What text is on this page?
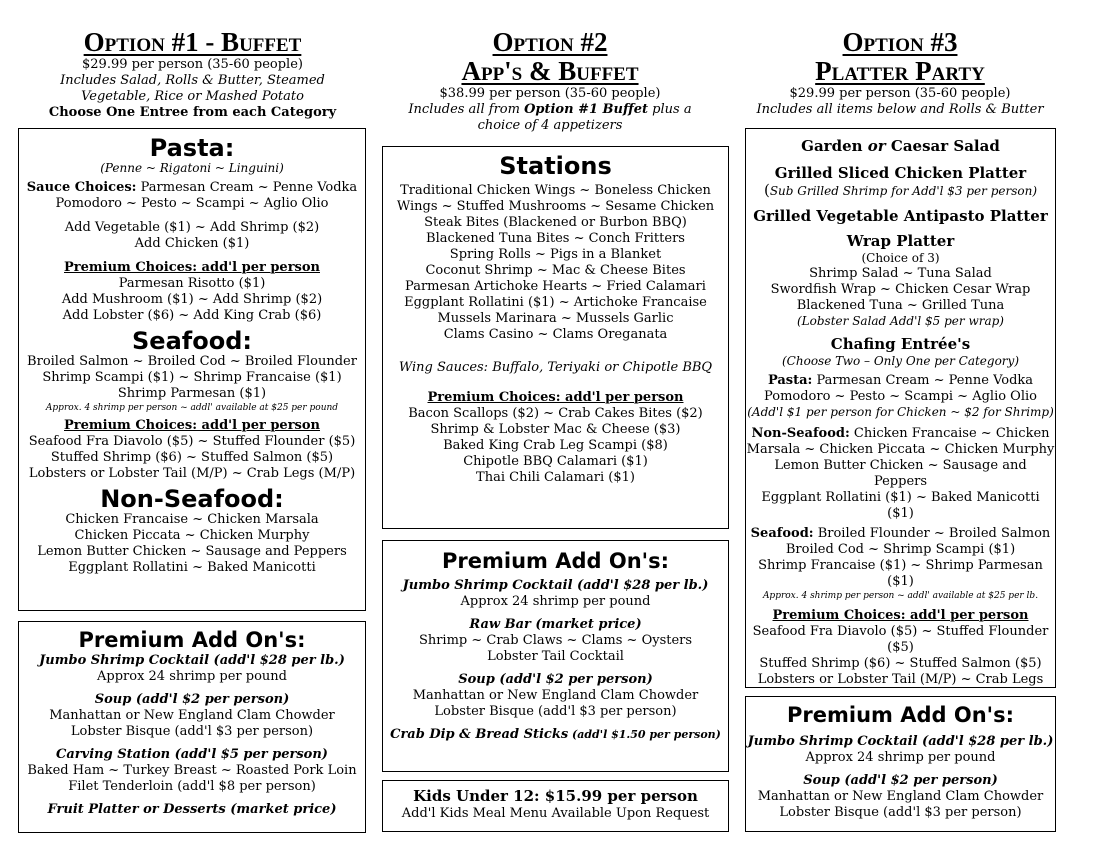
Option #1 - Buffet

$29.99 per person (35-60 people)

Includes Salad, Rolls & Butter, Steamed

Vegetable, Rice or Mashed Potato

Choose One Entree from each Category

Pasta:

(Penne ~ Rigatoni ~ Linguini)

Sauce Choices: Parmesan Cream ~ Penne Vodka

Pomodoro ~ Pesto ~ Scampi ~ Aglio Olio

Add Vegetable ($1) ~ Add Shrimp ($2)

Add Chicken ($1)

Premium Choices: add'l per person

Parmesan Risotto ($1)

Add Mushroom ($1) ~ Add Shrimp ($2)

Add Lobster ($6) ~ Add King Crab ($6)

Seafood:

Broiled Salmon ~ Broiled Cod ~ Broiled Flounder

Shrimp Scampi ($1) ~ Shrimp Francaise ($1)

Shrimp Parmesan ($1)

Approx. 4 shrimp per person ~ addl' available at $25 per pound

Premium Choices: add'l per person

Seafood Fra Diavolo ($5) ~ Stuffed Flounder ($5)

Stuffed Shrimp ($6) ~ Stuffed Salmon ($5)

Lobsters or Lobster Tail (M/P) ~ Crab Legs (M/P)

Non-Seafood:

Chicken Francaise ~ Chicken Marsala

Chicken Piccata ~ Chicken Murphy

Lemon Butter Chicken ~ Sausage and Peppers

Eggplant Rollatini ~ Baked Manicotti

Premium Add On's:

Jumbo Shrimp Cocktail (add'l $28 per lb.)

Approx 24 shrimp per pound

Soup (add'l $2 per person)

Manhattan or New England Clam Chowder

Lobster Bisque (add'l $3 per person)

Carving Station (add'l $5 per person)

Baked Ham ~ Turkey Breast ~ Roasted Pork Loin

Filet Tenderloin (add'l $8 per person)

Fruit Platter or Desserts (market price)

Option #2

App's & Buffet

$38.99 per person (35-60 people)

Includes all from Option #1 Buffet plus a

choice of 4 appetizers

Stations

Traditional Chicken Wings ~ Boneless Chicken

Wings ~ Stuffed Mushrooms ~ Sesame Chicken

Steak Bites (Blackened or Burbon BBQ)

Blackened Tuna Bites ~ Conch Fritters

Spring Rolls ~ Pigs in a Blanket

Coconut Shrimp ~ Mac & Cheese Bites

Parmesan Artichoke Hearts ~ Fried Calamari

Eggplant Rollatini ($1) ~ Artichoke Francaise

Mussels Marinara ~ Mussels Garlic

Clams Casino ~ Clams Oreganata

Wing Sauces: Buffalo, Teriyaki or Chipotle BBQ

Premium Choices: add'l per person

Bacon Scallops ($2) ~ Crab Cakes Bites ($2)

Shrimp & Lobster Mac & Cheese ($3)

Baked King Crab Leg Scampi ($8)

Chipotle BBQ Calamari ($1)

Thai Chili Calamari ($1)

Premium Add On's:

Jumbo Shrimp Cocktail (add'l $28 per lb.)

Approx 24 shrimp per pound

Raw Bar (market price)

Shrimp ~ Crab Claws ~ Clams ~ Oysters

Lobster Tail Cocktail

Soup (add'l $2 per person)

Manhattan or New England Clam Chowder

Lobster Bisque (add'l $3 per person)

Crab Dip & Bread Sticks (add'l $1.50 per person)

Kids Under 12: $15.99 per person

Add'l Kids Meal Menu Available Upon Request

Option #3

Platter Party

$29.99 per person (35-60 people)

Includes all items below and Rolls & Butter

Garden or Caesar Salad

Grilled Sliced Chicken Platter

(Sub Grilled Shrimp for Add'l $3 per person)

Grilled Vegetable Antipasto Platter

Wrap Platter

(Choice of 3)

Shrimp Salad ~ Tuna Salad

Swordfish Wrap ~ Chicken Cesar Wrap

Blackened Tuna ~ Grilled Tuna

(Lobster Salad Add'l $5 per wrap)

Chafing Entrée's

(Choose Two – Only One per Category)

Pasta: Parmesan Cream ~ Penne Vodka

Pomodoro ~ Pesto ~ Scampi ~ Aglio Olio

(Add'l $1 per person for Chicken ~ $2 for Shrimp)

Non-Seafood: Chicken Francaise ~ Chicken

Marsala ~ Chicken Piccata ~ Chicken Murphy

Lemon Butter Chicken ~ Sausage and Peppers

Eggplant Rollatini ($1) ~ Baked Manicotti ($1)

Seafood: Broiled Flounder ~ Broiled Salmon

Broiled Cod ~ Shrimp Scampi ($1)

Shrimp Francaise ($1) ~ Shrimp Parmesan ($1)

Approx. 4 shrimp per person ~ addl' available at $25 per lb.

Premium Choices: add'l per person

Seafood Fra Diavolo ($5) ~ Stuffed Flounder ($5)

Stuffed Shrimp ($6) ~ Stuffed Salmon ($5)

Lobsters or Lobster Tail (M/P) ~ Crab Legs

Premium Add On's:

Jumbo Shrimp Cocktail (add'l $28 per lb.)

Approx 24 shrimp per pound

Soup (add'l $2 per person)

Manhattan or New England Clam Chowder

Lobster Bisque (add'l $3 per person)
